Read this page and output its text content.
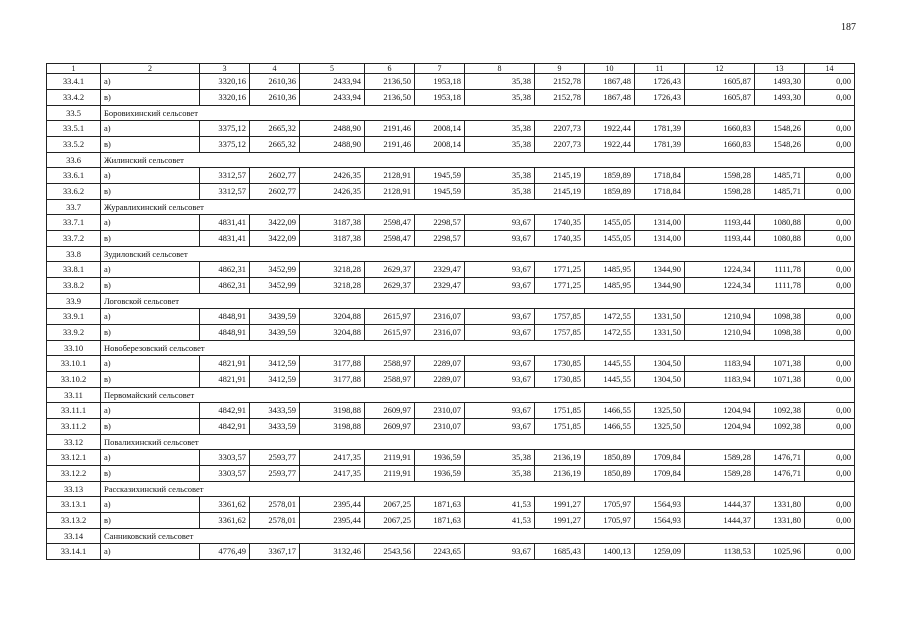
187
1	2	3	4	5	6	7	8	9	10	11	12	13	14
33.4.1	а)	3320,16	2610,36	2433,94	2136,50	1953,18	35,38	2152,78	1867,48	1726,43	1605,87	1493,30	0,00
33.4.2	в)	3320,16	2610,36	2433,94	2136,50	1953,18	35,38	2152,78	1867,48	1726,43	1605,87	1493,30	0,00
33.5	Боровихинский сельсовет												
33.5.1	а)	3375,12	2665,32	2488,90	2191,46	2008,14	35,38	2207,73	1922,44	1781,39	1660,83	1548,26	0,00
33.5.2	в)	3375,12	2665,32	2488,90	2191,46	2008,14	35,38	2207,73	1922,44	1781,39	1660,83	1548,26	0,00
33.6	Жилинский сельсовет												
33.6.1	а)	3312,57	2602,77	2426,35	2128,91	1945,59	35,38	2145,19	1859,89	1718,84	1598,28	1485,71	0,00
33.6.2	в)	3312,57	2602,77	2426,35	2128,91	1945,59	35,38	2145,19	1859,89	1718,84	1598,28	1485,71	0,00
33.7	Журавлихинский сельсовет												
33.7.1	а)	4831,41	3422,09	3187,38	2598,47	2298,57	93,67	1740,35	1455,05	1314,00	1193,44	1080,88	0,00
33.7.2	в)	4831,41	3422,09	3187,38	2598,47	2298,57	93,67	1740,35	1455,05	1314,00	1193,44	1080,88	0,00
33.8	Зудиловский сельсовет												
33.8.1	а)	4862,31	3452,99	3218,28	2629,37	2329,47	93,67	1771,25	1485,95	1344,90	1224,34	1111,78	0,00
33.8.2	в)	4862,31	3452,99	3218,28	2629,37	2329,47	93,67	1771,25	1485,95	1344,90	1224,34	1111,78	0,00
33.9	Логовской сельсовет												
33.9.1	а)	4848,91	3439,59	3204,88	2615,97	2316,07	93,67	1757,85	1472,55	1331,50	1210,94	1098,38	0,00
33.9.2	в)	4848,91	3439,59	3204,88	2615,97	2316,07	93,67	1757,85	1472,55	1331,50	1210,94	1098,38	0,00
33.10	Новоберезовский сельсовет												
33.10.1	а)	4821,91	3412,59	3177,88	2588,97	2289,07	93,67	1730,85	1445,55	1304,50	1183,94	1071,38	0,00
33.10.2	в)	4821,91	3412,59	3177,88	2588,97	2289,07	93,67	1730,85	1445,55	1304,50	1183,94	1071,38	0,00
33.11	Первомайский сельсовет												
33.11.1	а)	4842,91	3433,59	3198,88	2609,97	2310,07	93,67	1751,85	1466,55	1325,50	1204,94	1092,38	0,00
33.11.2	в)	4842,91	3433,59	3198,88	2609,97	2310,07	93,67	1751,85	1466,55	1325,50	1204,94	1092,38	0,00
33.12	Повалихинский сельсовет												
33.12.1	а)	3303,57	2593,77	2417,35	2119,91	1936,59	35,38	2136,19	1850,89	1709,84	1589,28	1476,71	0,00
33.12.2	в)	3303,57	2593,77	2417,35	2119,91	1936,59	35,38	2136,19	1850,89	1709,84	1589,28	1476,71	0,00
33.13	Рассказихинский сельсовет												
33.13.1	а)	3361,62	2578,01	2395,44	2067,25	1871,63	41,53	1991,27	1705,97	1564,93	1444,37	1331,80	0,00
33.13.2	в)	3361,62	2578,01	2395,44	2067,25	1871,63	41,53	1991,27	1705,97	1564,93	1444,37	1331,80	0,00
33.14	Санниковский сельсовет												
33.14.1	а)	4776,49	3367,17	3132,46	2543,56	2243,65	93,67	1685,43	1400,13	1259,09	1138,53	1025,96	0,00
